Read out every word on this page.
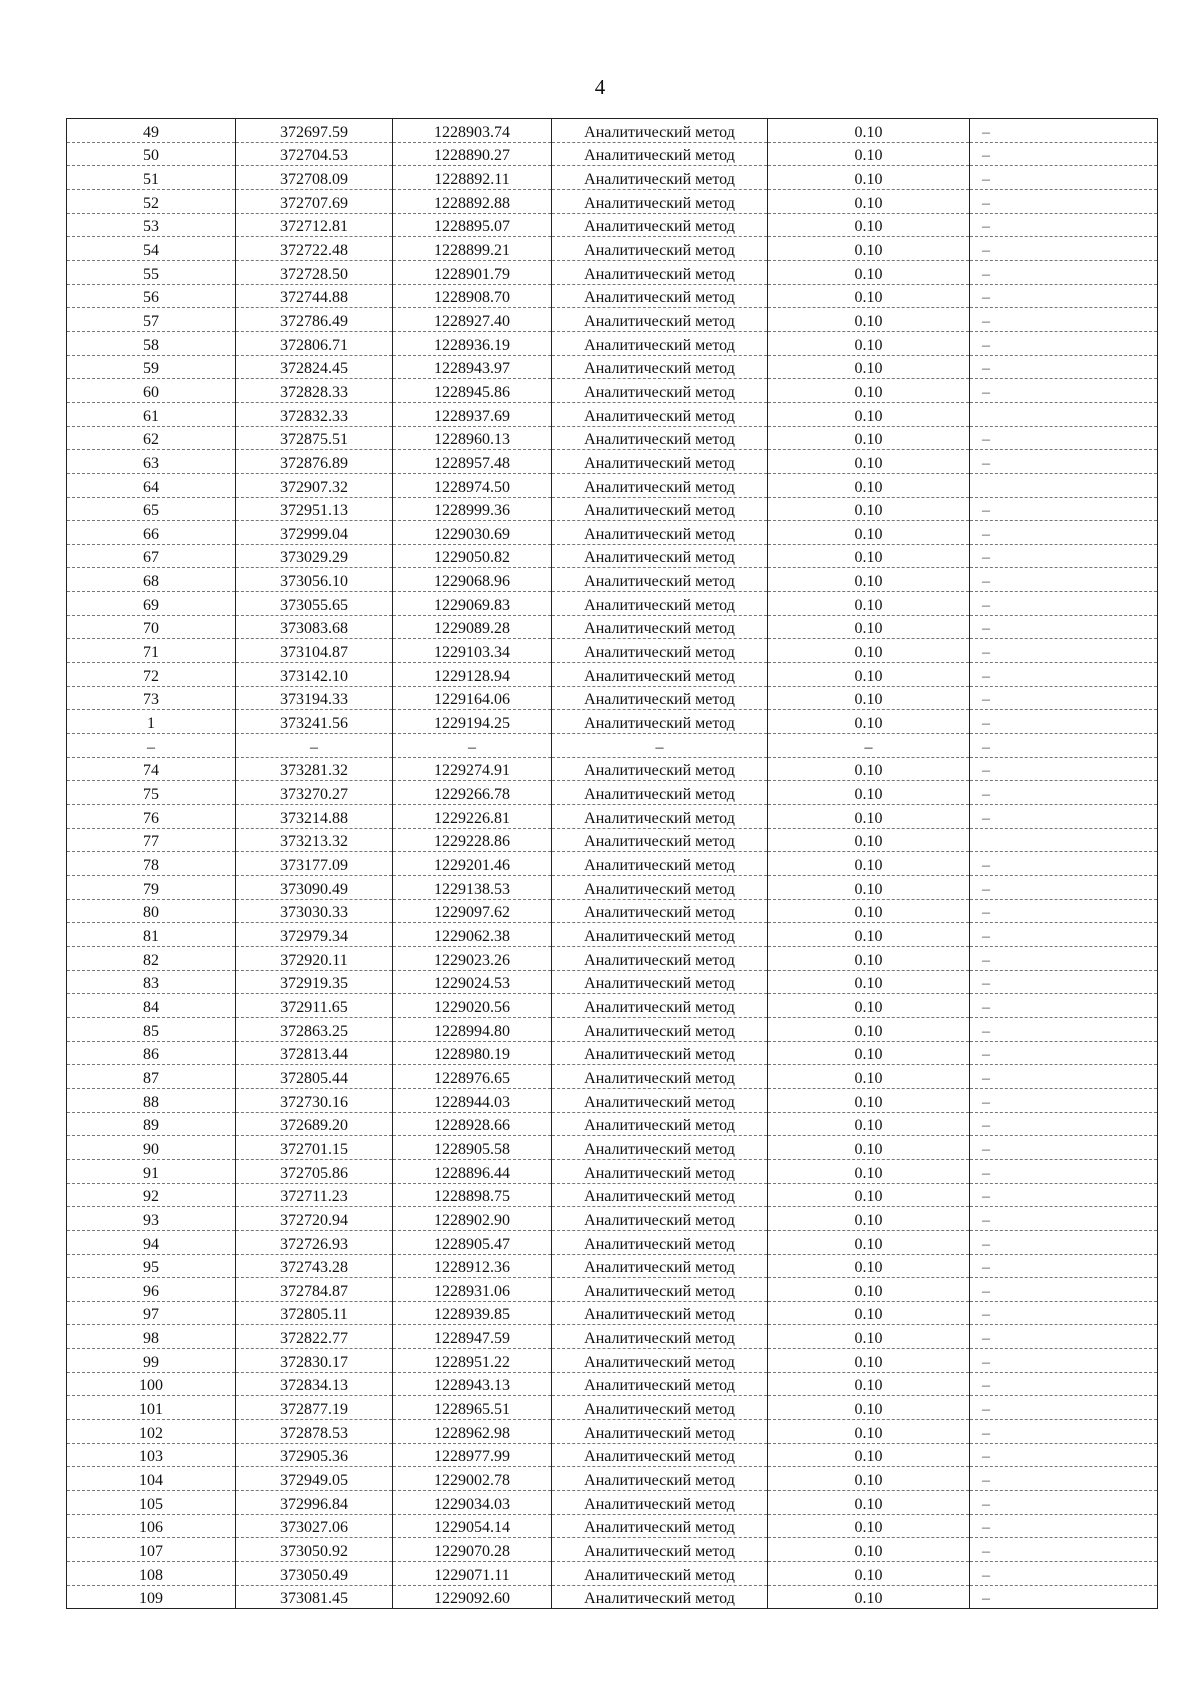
4
49	372697.59	1228903.74	Аналитический метод	0.10	–
50	372704.53	1228890.27	Аналитический метод	0.10	–
51	372708.09	1228892.11	Аналитический метод	0.10	–
52	372707.69	1228892.88	Аналитический метод	0.10	–
53	372712.81	1228895.07	Аналитический метод	0.10	–
54	372722.48	1228899.21	Аналитический метод	0.10	–
55	372728.50	1228901.79	Аналитический метод	0.10	–
56	372744.88	1228908.70	Аналитический метод	0.10	–
57	372786.49	1228927.40	Аналитический метод	0.10	–
58	372806.71	1228936.19	Аналитический метод	0.10	–
59	372824.45	1228943.97	Аналитический метод	0.10	–
60	372828.33	1228945.86	Аналитический метод	0.10	–
61	372832.33	1228937.69	Аналитический метод	0.10	
62	372875.51	1228960.13	Аналитический метод	0.10	–
63	372876.89	1228957.48	Аналитический метод	0.10	–
64	372907.32	1228974.50	Аналитический метод	0.10	
65	372951.13	1228999.36	Аналитический метод	0.10	–
66	372999.04	1229030.69	Аналитический метод	0.10	–
67	373029.29	1229050.82	Аналитический метод	0.10	–
68	373056.10	1229068.96	Аналитический метод	0.10	–
69	373055.65	1229069.83	Аналитический метод	0.10	–
70	373083.68	1229089.28	Аналитический метод	0.10	–
71	373104.87	1229103.34	Аналитический метод	0.10	–
72	373142.10	1229128.94	Аналитический метод	0.10	–
73	373194.33	1229164.06	Аналитический метод	0.10	–
1	373241.56	1229194.25	Аналитический метод	0.10	–
–	–	–	–	–	–
74	373281.32	1229274.91	Аналитический метод	0.10	–
75	373270.27	1229266.78	Аналитический метод	0.10	–
76	373214.88	1229226.81	Аналитический метод	0.10	–
77	373213.32	1229228.86	Аналитический метод	0.10	
78	373177.09	1229201.46	Аналитический метод	0.10	–
79	373090.49	1229138.53	Аналитический метод	0.10	–
80	373030.33	1229097.62	Аналитический метод	0.10	–
81	372979.34	1229062.38	Аналитический метод	0.10	–
82	372920.11	1229023.26	Аналитический метод	0.10	–
83	372919.35	1229024.53	Аналитический метод	0.10	–
84	372911.65	1229020.56	Аналитический метод	0.10	–
85	372863.25	1228994.80	Аналитический метод	0.10	–
86	372813.44	1228980.19	Аналитический метод	0.10	–
87	372805.44	1228976.65	Аналитический метод	0.10	–
88	372730.16	1228944.03	Аналитический метод	0.10	–
89	372689.20	1228928.66	Аналитический метод	0.10	–
90	372701.15	1228905.58	Аналитический метод	0.10	–
91	372705.86	1228896.44	Аналитический метод	0.10	–
92	372711.23	1228898.75	Аналитический метод	0.10	–
93	372720.94	1228902.90	Аналитический метод	0.10	–
94	372726.93	1228905.47	Аналитический метод	0.10	–
95	372743.28	1228912.36	Аналитический метод	0.10	–
96	372784.87	1228931.06	Аналитический метод	0.10	–
97	372805.11	1228939.85	Аналитический метод	0.10	–
98	372822.77	1228947.59	Аналитический метод	0.10	–
99	372830.17	1228951.22	Аналитический метод	0.10	–
100	372834.13	1228943.13	Аналитический метод	0.10	–
101	372877.19	1228965.51	Аналитический метод	0.10	–
102	372878.53	1228962.98	Аналитический метод	0.10	–
103	372905.36	1228977.99	Аналитический метод	0.10	–
104	372949.05	1229002.78	Аналитический метод	0.10	–
105	372996.84	1229034.03	Аналитический метод	0.10	–
106	373027.06	1229054.14	Аналитический метод	0.10	–
107	373050.92	1229070.28	Аналитический метод	0.10	–
108	373050.49	1229071.11	Аналитический метод	0.10	–
109	373081.45	1229092.60	Аналитический метод	0.10	–
